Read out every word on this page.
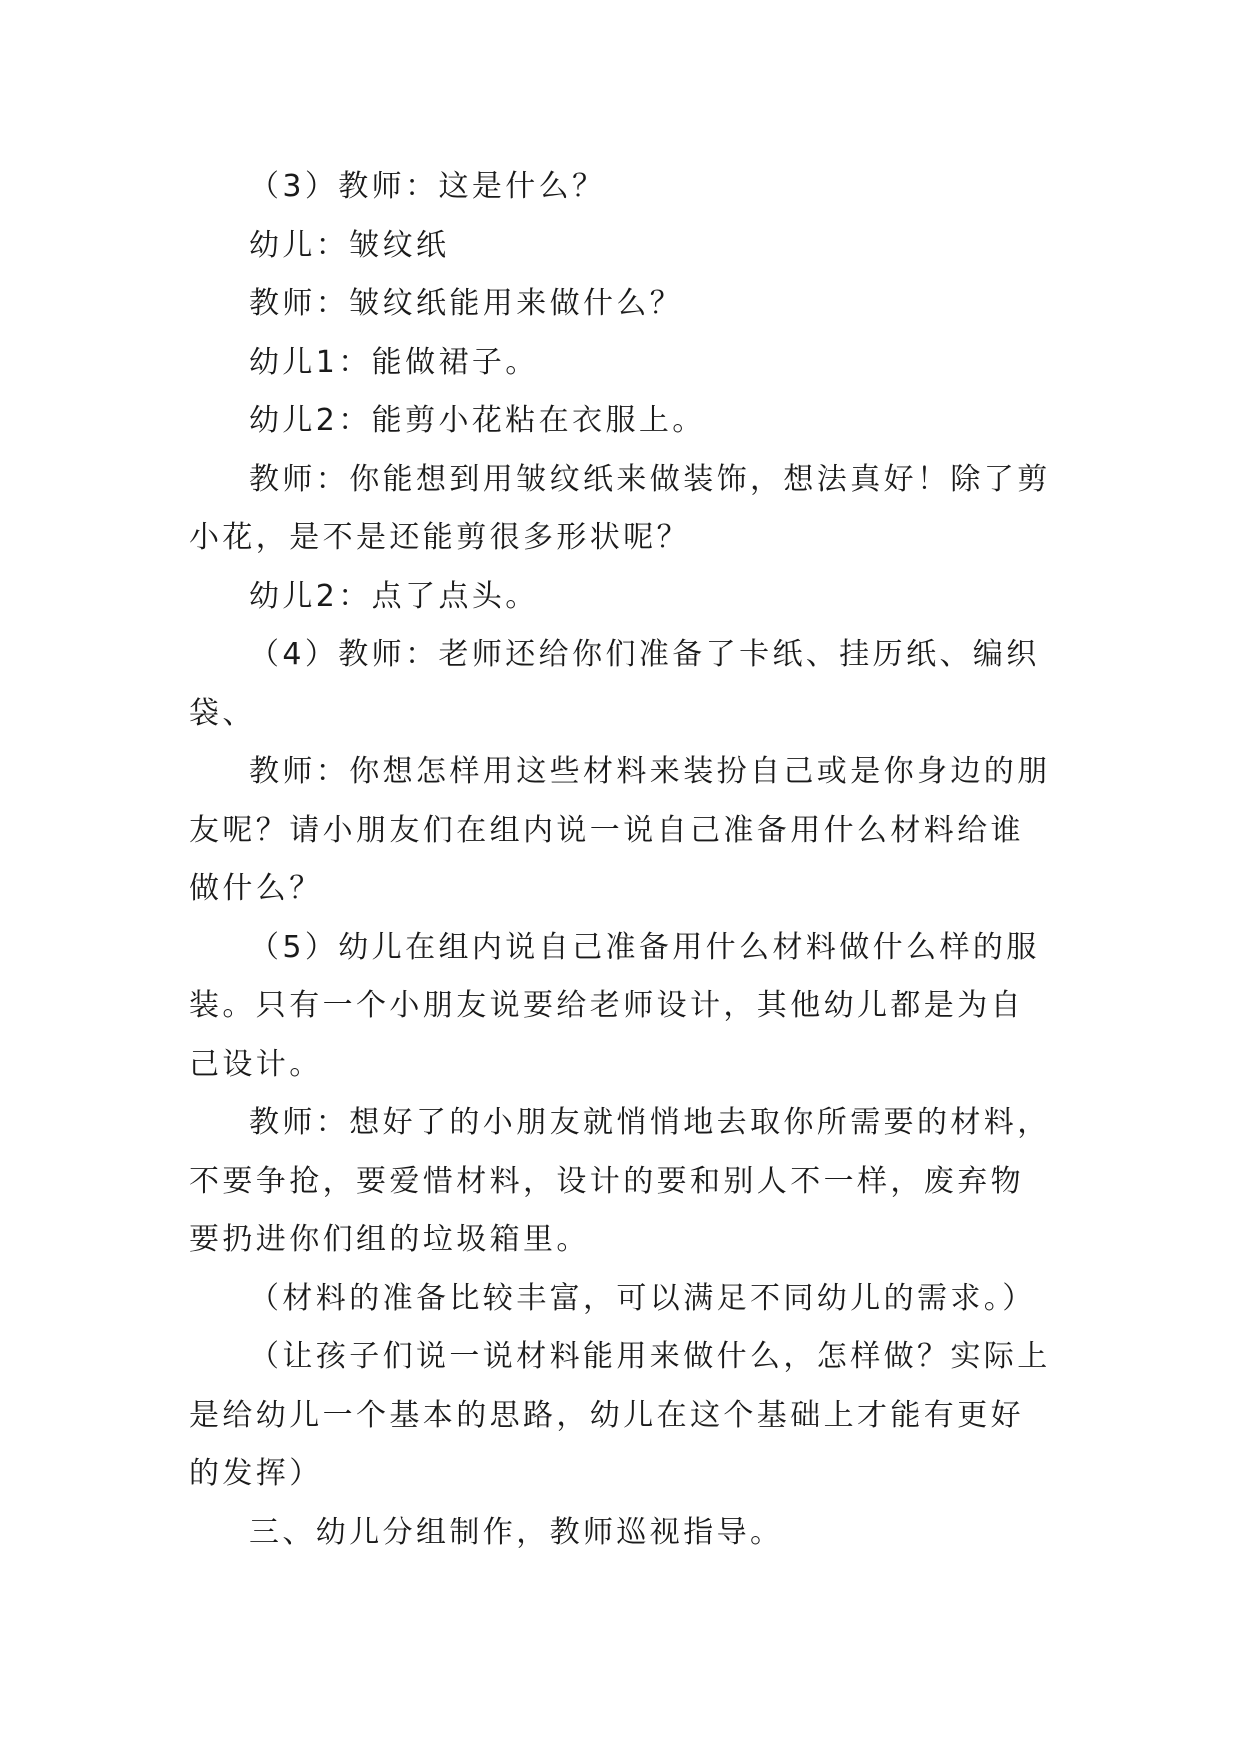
（3）教师：这是什么？

幼儿：皱纹纸

教师：皱纹纸能用来做什么？

幼儿1：能做裙子。

幼儿2：能剪小花粘在衣服上。

教师：你能想到用皱纹纸来做装饰，想法真好！除了剪小花，是不是还能剪很多形状呢？

幼儿2：点了点头。

（4）教师：老师还给你们准备了卡纸、挂历纸、编织袋、

教师：你想怎样用这些材料来装扮自己或是你身边的朋友呢？请小朋友们在组内说一说自己准备用什么材料给谁做什么？

（5）幼儿在组内说自己准备用什么材料做什么样的服装。只有一个小朋友说要给老师设计，其他幼儿都是为自己设计。

教师：想好了的小朋友就悄悄地去取你所需要的材料，不要争抢，要爱惜材料，设计的要和别人不一样，废弃物要扔进你们组的垃圾箱里。

（材料的准备比较丰富，可以满足不同幼儿的需求。）

（让孩子们说一说材料能用来做什么，怎样做？实际上是给幼儿一个基本的思路，幼儿在这个基础上才能有更好的发挥）

三、幼儿分组制作，教师巡视指导。
